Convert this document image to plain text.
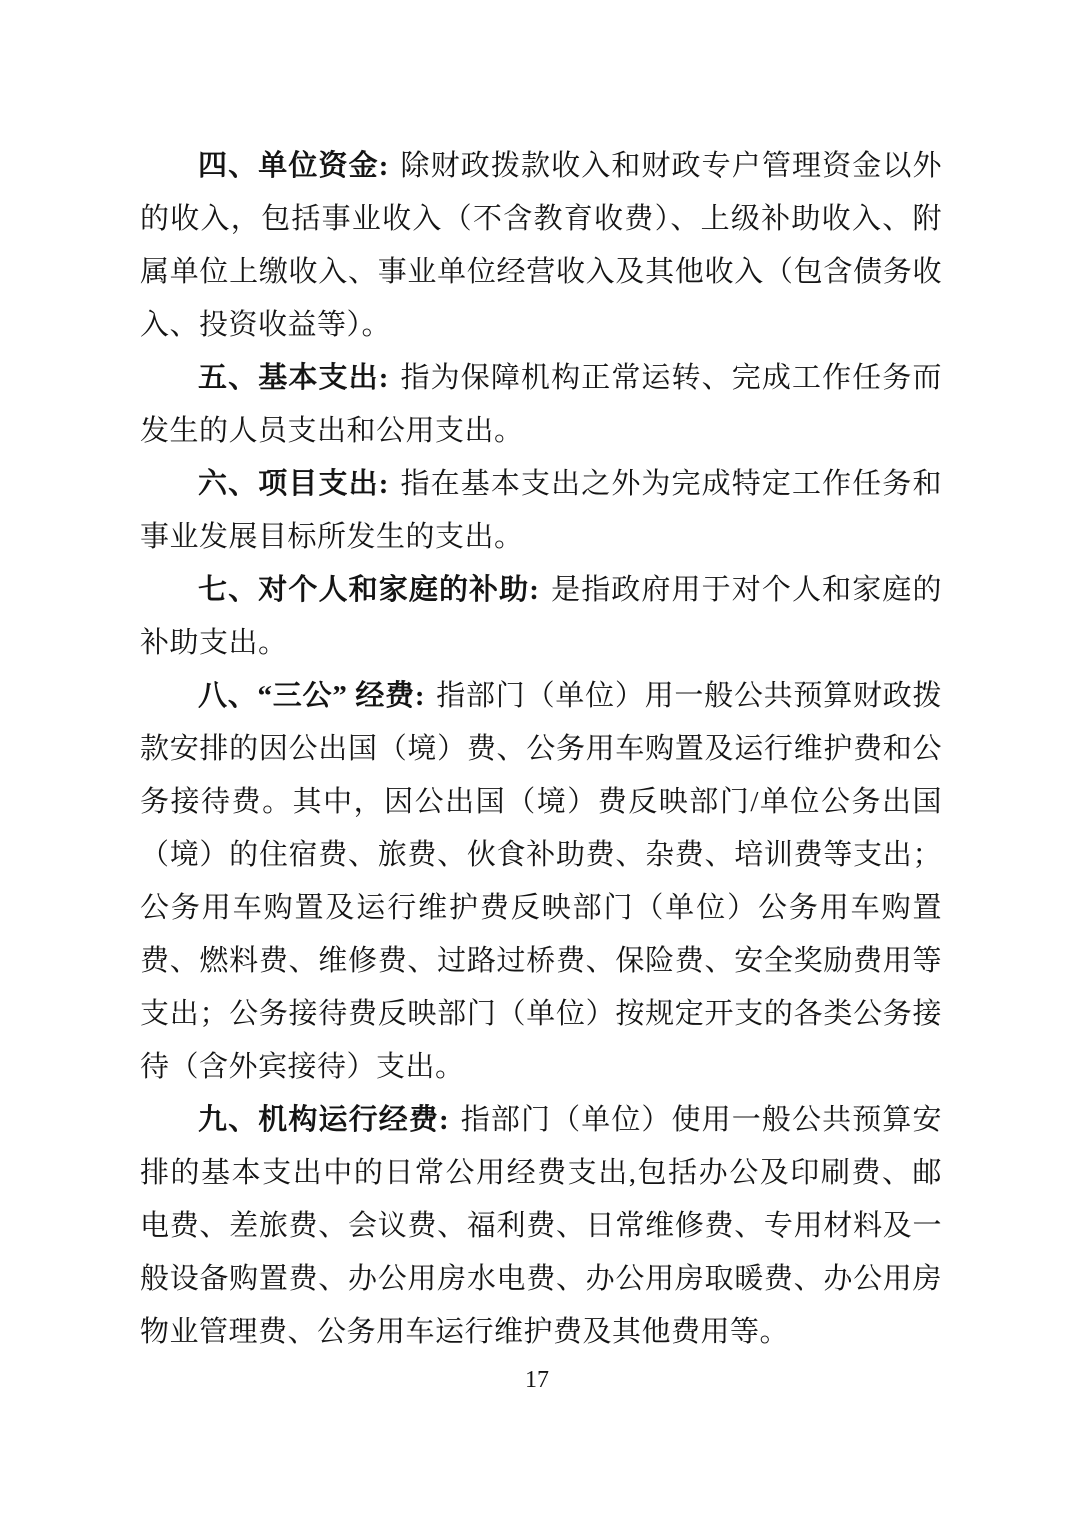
四、单位资金: 除财政拨款收入和财政专户管理资金以外的收入，包括事业收入（不含教育收费）、上级补助收入、附属单位上缴收入、事业单位经营收入及其他收入（包含债务收入、投资收益等）。

五、基本支出: 指为保障机构正常运转、完成工作任务而发生的人员支出和公用支出。

六、项目支出: 指在基本支出之外为完成特定工作任务和事业发展目标所发生的支出。

七、对个人和家庭的补助: 是指政府用于对个人和家庭的补助支出。

八、“三公” 经费: 指部门（单位）用一般公共预算财政拨款安排的因公出国（境）费、公务用车购置及运行维护费和公务接待费。其中，因公出国（境）费反映部门/单位公务出国（境）的住宿费、旅费、伙食补助费、杂费、培训费等支出；公务用车购置及运行维护费反映部门（单位）公务用车购置费、燃料费、维修费、过路过桥费、保险费、安全奖励费用等支出；公务接待费反映部门（单位）按规定开支的各类公务接待（含外宾接待）支出。

九、机构运行经费: 指部门（单位）使用一般公共预算安排的基本支出中的日常公用经费支出,包括办公及印刷费、邮电费、差旅费、会议费、福利费、日常维修费、专用材料及一般设备购置费、办公用房水电费、办公用房取暖费、办公用房物业管理费、公务用车运行维护费及其他费用等。

17
